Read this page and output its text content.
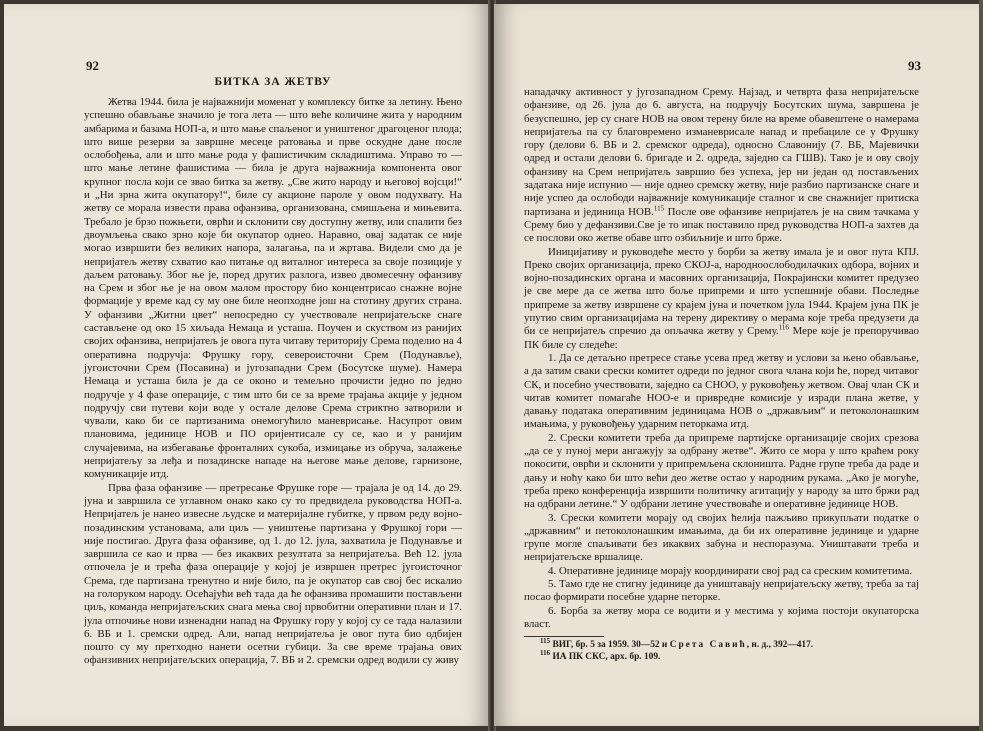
92
БИТКА ЗА ЖЕТВУ

Жетва 1944. била је најважнији моменат у комплексу битке за летину. Њено успешно обављање значило је тога лета — што веће количине жита у народним амбарима и базама НОП-а, и што мање спаљеног и уништеног драгоценог плода; што више резерви за завршне месеце ратовања и прве оскудне дане после ослобођења, али и што мање рода у фашистичким складиштима. Управо то — што мање летине фашистима — била је друга најважнија компонента овог крупног посла који се звао битка за жетву. „Све жито народу и његовој војсци!“ и „Ни зрна жита окупатору!“, биле су акционе пароле у овом подухвату. На жетву се морала извести права офанзива, организована, смишљена и мињевита. Требало је брзо пожњети, оврћи и склонити сву доступну жетву, или спалити без двоумљења свако зрно које би окупатор однео. Наравно, овај задатак се није могао извршити без великих напора, залагања, па и жртава. Видели смо да је непријатељ жетву схватио као питање од виталног интереса за своје позиције у даљем ратовању. Због ње је, поред других разлога, извео двомесечну офанзиву на Срем и због ње је на овом малом простору био концентрисао снажне војне формације у време кад су му оне биле неопходне још на стотину других страна. У офанзиви „Житни цвет“ непосредно су учествовале непријатељске снаге састављене од око 15 хиљада Немаца и усташа. Поучен и скуством из ранијих својих офанзива, непријатељ је овога пута читаву територију Срема поделио на 4 оперативна подручја: Фрушку гору, североисточни Срем (Подунавље), југоисточни Срем (Посавина) и југозападни Срем (Босутске шуме). Намера Немаца и усташа била је да се оконо и темељно прочисти једно по једно подручје у 4 фазе операције, с тим што би се за време трајања акције у једном подручју сви путеви који воде у остале делове Срема стриктно затворили и чували, како би се партизанима онемогућило маневрисање. Насупрот овим плановима, јединице НОВ и ПО оријентисале су се, као и у ранијим случајевима, на избегавање фронталних сукоба, измицање из обруча, залажење непријатељу за леђа и позадинске нападе на његове мање делове, гарнизоне, комуникације итд.

Прва фаза офанзиве — претресање Фрушке горе — трајала је од 14. до 29. јуна и завршила се углавном онако како су то предвидела руководства НОП-а. Непријатељ је нанео извесне људске и материјалне губитке, у првом реду војно-позадинским установама, али циљ — уништење партизана у Фрушкој гори — није постигао. Друга фаза офанзиве, од 1. до 12. јула, захватила је Подунавље и завршила се као и прва — без икаквих резултата за непријатеља. Већ 12. јула отпочела је и трећа фаза операције у којој је извршен претрес југоисточног Срема, где партизана тренутно и није било, па је окупатор сав свој бес искалио на голоруком народу. Осећајући већ тада да ће офанзива промашити постављени циљ, команда непријатељских снага мења свој првобитни оперативни план и 17. јула отпочиње нови изненадни напад на Фрушку гору у којој су се тада налазили 6. ВБ и 1. сремски одред. Али, напад непријатеља је овог пута био одбијен пошто су му претходно нанети осетни губици. За све време трајања ових офанзивних непријатељских операција, 7. ВБ и 2. сремски одред водили су живу

93

нападачку активност у југозападном Срему. Најзад, и четврта фаза непријатељске офанзиве, од 26. јула до 6. августа, на подручју Босутских шума, завршена је безуспешно, јер су снаге НОВ на овом терену биле на време обавештене о намерама непријатеља па су благовремено изманеврисале напад и пребациле се у Фрушку гору (делови 6. ВБ и 2. сремског одреда), односно Славонију (7. ВБ, Мајевички одред и остали делови 6. бригаде и 2. одреда, заједно са ГШВ). Тако је и ову своју офанзиву на Срем непријатељ завршио без успеха, јер ни један од постављених задатака није испунио — није однео сремску жетву, није разбио партизанске снаге и није успео да ослободи најважније комуникације сталног и све снажнијег притиска партизана и јединица НОВ.$^{115}$ После ове офанзиве непријатељ је на свим тачкама у Срему био у дефанзиви.Све је то ипак поставило пред руководства НОП-а захтев да се послови око жетве обаве што озбиљније и што брже.

Иницијативу и руководеће место у борби за жетву имала је и овог пута КПЈ. Преко својих организација, преко СКОЈ-а, народноослободилачких одбора, војних и војно-позадинских органа и масовних организација, Покрајински комитет предузео је све мере да се жетва што боље припреми и што успешније обави. Последње припреме за жетву извршене су крајем јуна и почетком јула 1944. Крајем јуна ПК је упутио свим организацијама на терену директиву о мерама које треба предузети да би се непријатељ спречио да опљачка жетву у Срему.$^{116}$ Мере које је препоручивао ПК биле су следеће:

1. Да се детаљно претресе стање усева пред жетву и услови за њено обављање, а да затим сваки срески комитет одреди по једног свога члана који ће, поред читавог СК, и посебно учествовати, заједно са СНОО, у руковођењу жетвом. Овај члан СК и читав комитет помагаће НОО-е и привредне комисије у изради плана жетве, у давању података оперативним јединицама НОВ о „држављим“ и петоколонашким имањима, у руковођењу ударним петоркама итд.

2. Срески комитети треба да припреме партијске организације својих срезова „да се у пуној мери ангажују за одбрану жетве“. Жито се мора у што краћем року покосити, оврћи и склонити у припремљена склоништа. Радне групе треба да раде и дању и ноћу како би што већи део жетве остао у народним рукама. „Ако је могуће, треба преко конференција извршити политичку агитацију у народу за што бржи рад на одбрани летине.“ У одбрани летине учествоваће и оперативне јединице НОВ.

3. Срески комитети морају од својих ћелија пажљиво прикупљати податке о „државним“ и петоколонашким имањима, да би их оперативне јединице и ударне групе могле спаљивати без икаквих забуна и неспоразума. Уништавати треба и непријатељске вршалице.

4. Оперативне јединице морају координирати свој рад са среским комитетима.

5. Тамо где не стигну јединице да уништавају непријатељску жетву, треба за тај посао формирати посебне ударне петорке.

6. Борба за жетву мора се водити и у местима у којима постоји окупаторска власт.

$^{115}$ ВИГ, бр. 5 за 1959. 30—52 и Срета Савић, н. д., 392—417.
$^{116}$ ИА ПК СКС, арх. бр. 109.
